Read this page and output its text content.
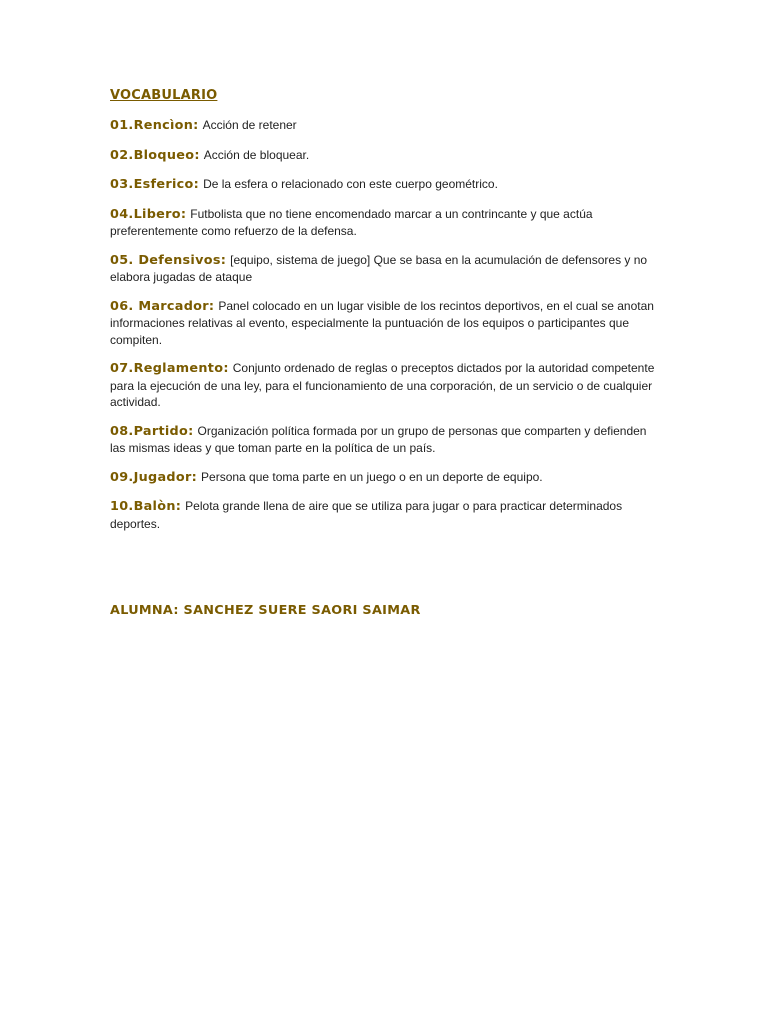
VOCABULARIO
01.Rencìon: Acción de retener
02.Bloqueo: Acción de bloquear.
03.Esferico: De la esfera o relacionado con este cuerpo geométrico.
04.Libero: Futbolista que no tiene encomendado marcar a un contrincante y que actúa preferentemente como refuerzo de la defensa.
05. Defensivos: [equipo, sistema de juego] Que se basa en la acumulación de defensores y no elabora jugadas de ataque
06. Marcador: Panel colocado en un lugar visible de los recintos deportivos, en el cual se anotan informaciones relativas al evento, especialmente la puntuación de los equipos o participantes que compiten.
07.Reglamento: Conjunto ordenado de reglas o preceptos dictados por la autoridad competente para la ejecución de una ley, para el funcionamiento de una corporación, de un servicio o de cualquier actividad.
08.Partido: Organización política formada por un grupo de personas que comparten y defienden las mismas ideas y que toman parte en la política de un país.
09.Jugador: Persona que toma parte en un juego o en un deporte de equipo.
10.Balòn: Pelota grande llena de aire que se utiliza para jugar o para practicar determinados deportes.
ALUMNA: SANCHEZ SUERE SAORI SAIMAR
